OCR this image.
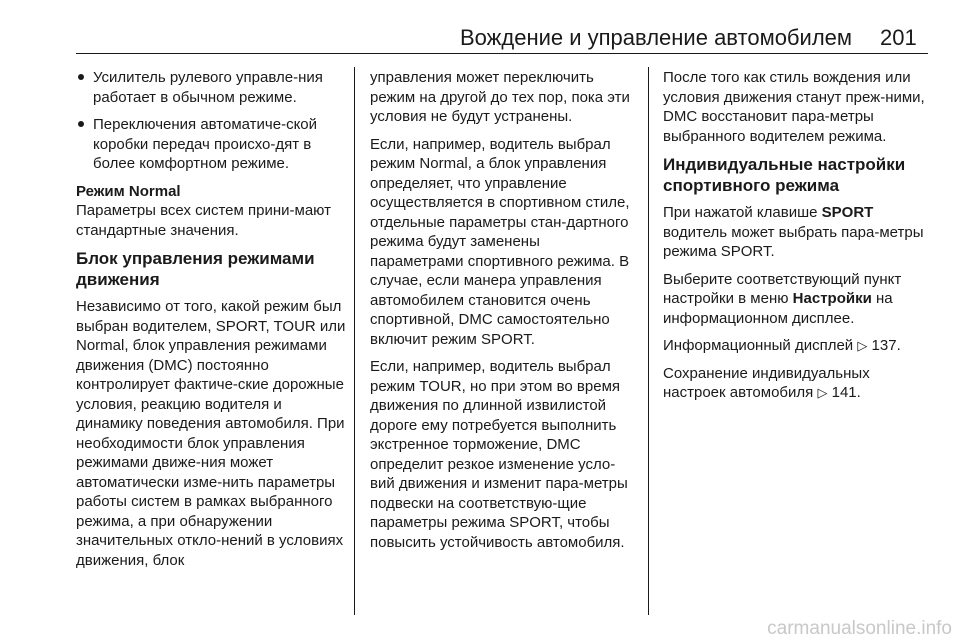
Вождение и управление автомобилем 201
Усилитель рулевого управле-ния работает в обычном режиме.
Переключения автоматиче-ской коробки передач происхо-дят в более комфортном режиме.

Режим Normal

Параметры всех систем прини-мают стандартные значения.

Блок управления режимами движения

Независимо от того, какой режим был выбран водителем, SPORT, TOUR или Normal, блок управления режимами движения (DMC) постоянно контролирует фактиче-ские дорожные условия, реакцию водителя и динамику поведения автомобиля. При необходимости блок управления режимами движе-ния может автоматически изме-нить параметры работы систем в рамках выбранного режима, а при обнаружении значительных откло-нений в условиях движения, блок

управления может переключить режим на другой до тех пор, пока эти условия не будут устранены.

Если, например, водитель выбрал режим Normal, а блок управления определяет, что управление осуществляется в спортивном стиле, отдельные параметры стан-дартного режима будут заменены параметрами спортивного режима. В случае, если манера управления автомобилем становится очень спортивной, DMC самостоятельно включит режим SPORT.

Если, например, водитель выбрал режим TOUR, но при этом во время движения по длинной извилистой дороге ему потребуется выполнить экстренное торможение, DMC определит резкое изменение усло-вий движения и изменит пара-метры подвески на соответствую-щие параметры режима SPORT, чтобы повысить устойчивость автомобиля.

После того как стиль вождения или условия движения станут преж-ними, DMC восстановит пара-метры выбранного водителем режима.

Индивидуальные настройки спортивного режима

При нажатой клавише SPORT водитель может выбрать пара-метры режима SPORT.

Выберите соответствующий пункт настройки в меню Настройки на информационном дисплее.

Информационный дисплей ▷ 137.

Сохранение индивидуальных настроек автомобиля ▷ 141.

carmanualsonline.info
